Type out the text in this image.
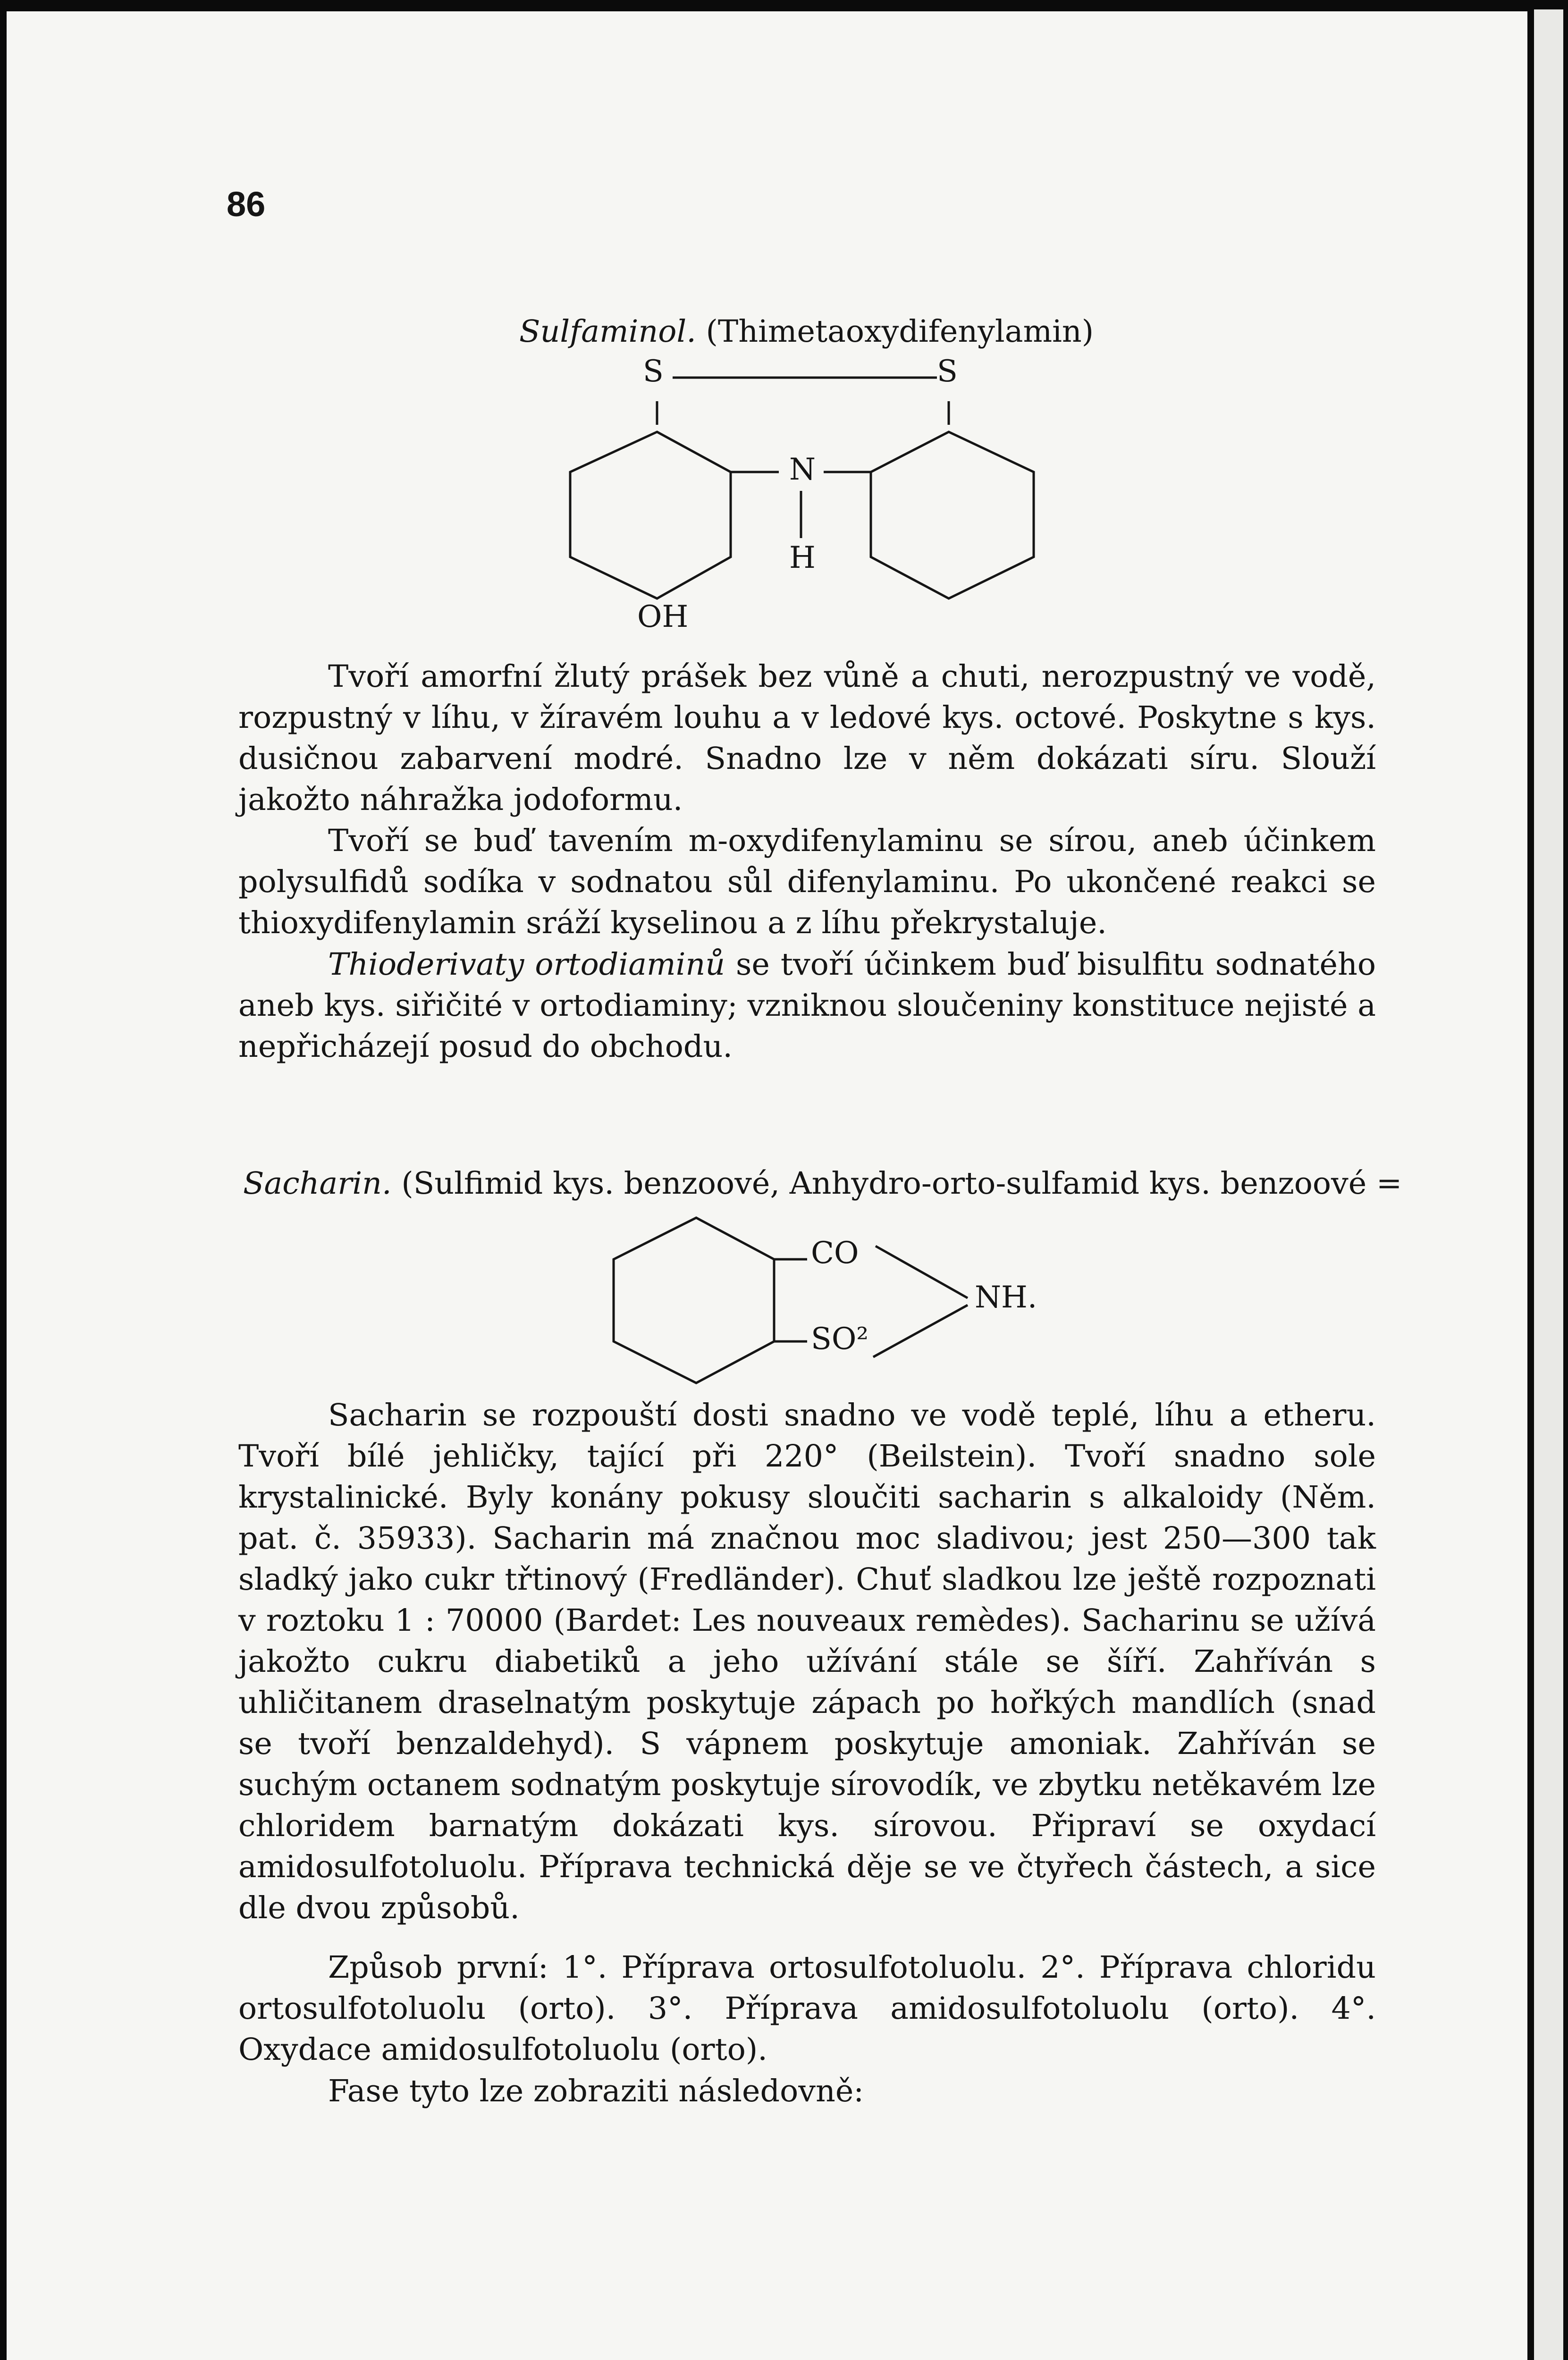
86
Sulfaminol. (Thimetaoxydifenylamin)
S	S
N
H
OH

Tvoří amorfní žlutý prášek bez vůně a chuti, nerozpustný ve vodě, rozpustný v líhu, v žíravém louhu a v ledové kys. octové. Poskytne s kys. dusičnou zabarvení modré. Snadno lze v něm dokázati síru. Slouží jakožto náhražka jodoformu.

Tvoří se buď tavením m-oxydifenylaminu se sírou, aneb účinkem polysulfidů sodíka v sodnatou sůl difenylaminu. Po ukončené reakci se thioxydifenylamin sráží kyselinou a z líhu překrystaluje.

Thioderivaty ortodiaminů se tvoří účinkem buď bisulfitu sodnatého aneb kys. siřičité v ortodiaminy; vzniknou sloučeniny konstituce nejisté a nepřicházejí posud do obchodu.

Sacharin. (Sulfimid kys. benzoové, Anhydro-orto-sulfamid kys. benzoové =
CO
SO²
NH.

Sacharin se rozpouští dosti snadno ve vodě teplé, líhu a etheru. Tvoří bílé jehličky, tající při 220° (Beilstein). Tvoří snadno sole krystalinické. Byly konány pokusy sloučiti sacharin s alkaloidy (Něm. pat. č. 35933). Sacharin má značnou moc sladivou; jest 250—300 tak sladký jako cukr třtinový (Fredländer). Chuť sladkou lze ještě rozpoznati v roztoku 1 : 70000 (Bardet: Les nouveaux remèdes). Sacharinu se užívá jakožto cukru diabetiků a jeho užívání stále se šíří. Zahříván s uhličitanem draselnatým poskytuje zápach po hořkých mandlích (snad se tvoří benzaldehyd). S vápnem poskytuje amoniak. Zahříván se suchým octanem sodnatým poskytuje sírovodík, ve zbytku netěkavém lze chloridem barnatým dokázati kys. sírovou. Připraví se oxydací amidosulfotoluolu. Příprava technická děje se ve čtyřech částech, a sice dle dvou způsobů.

Způsob první: 1°. Příprava ortosulfotoluolu. 2°. Příprava chloridu ortosulfotoluolu (orto). 3°. Příprava amidosulfotoluolu (orto). 4°. Oxydace amidosulfotoluolu (orto).

Fase tyto lze zobraziti následovně:
